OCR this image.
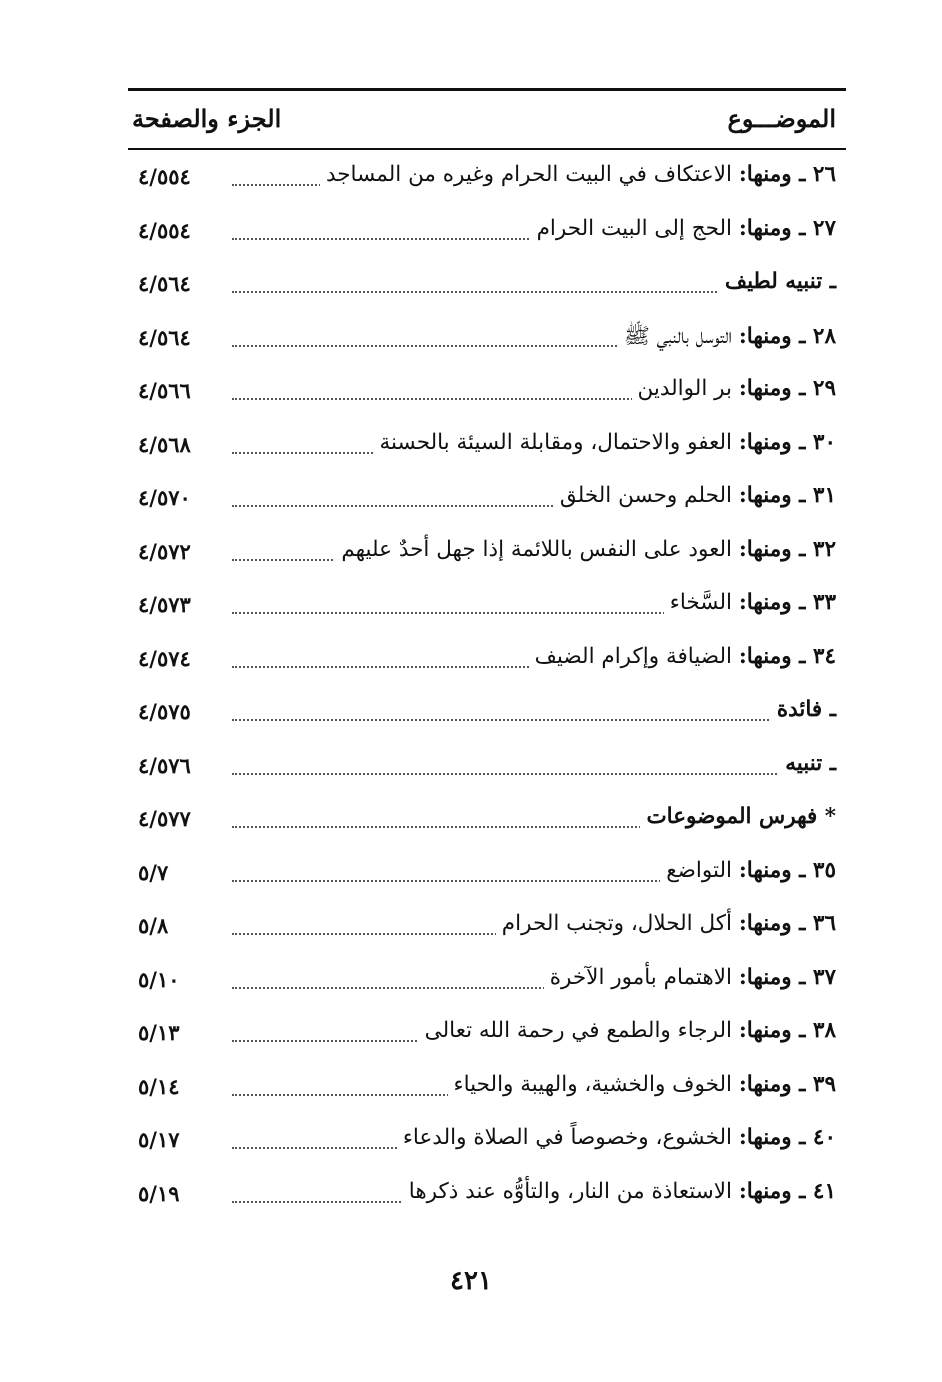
الموضـــوع
الجزء والصفحة
٢٦ ـ ومنها: الاعتكاف في البيت الحرام وغيره من المساجد
٤/٥٥٤
٢٧ ـ ومنها: الحج إلى البيت الحرام
٤/٥٥٤
ـ تنبيه لطيف
٤/٥٦٤
٢٨ ـ ومنها: التوسل بالنبي ﷺ
٤/٥٦٤
٢٩ ـ ومنها: بر الوالدين
٤/٥٦٦
٣٠ ـ ومنها: العفو والاحتمال، ومقابلة السيئة بالحسنة
٤/٥٦٨
٣١ ـ ومنها: الحلم وحسن الخلق
٤/٥٧٠
٣٢ ـ ومنها: العود على النفس باللائمة إذا جهل أحدٌ عليهم
٤/٥٧٢
٣٣ ـ ومنها: السَّخاء
٤/٥٧٣
٣٤ ـ ومنها: الضيافة وإكرام الضيف
٤/٥٧٤
ـ فائدة
٤/٥٧٥
ـ تنبيه
٤/٥٧٦
* فهرس الموضوعات
٤/٥٧٧
٣٥ ـ ومنها: التواضع
٥/٧
٣٦ ـ ومنها: أكل الحلال، وتجنب الحرام
٥/٨
٣٧ ـ ومنها: الاهتمام بأمور الآخرة
٥/١٠
٣٨ ـ ومنها: الرجاء والطمع في رحمة الله تعالى
٥/١٣
٣٩ ـ ومنها: الخوف والخشية، والهيبة والحياء
٥/١٤
٤٠ ـ ومنها: الخشوع، وخصوصاً في الصلاة والدعاء
٥/١٧
٤١ ـ ومنها: الاستعاذة من النار، والتأوُّه عند ذكرها
٥/١٩
٤٢١
